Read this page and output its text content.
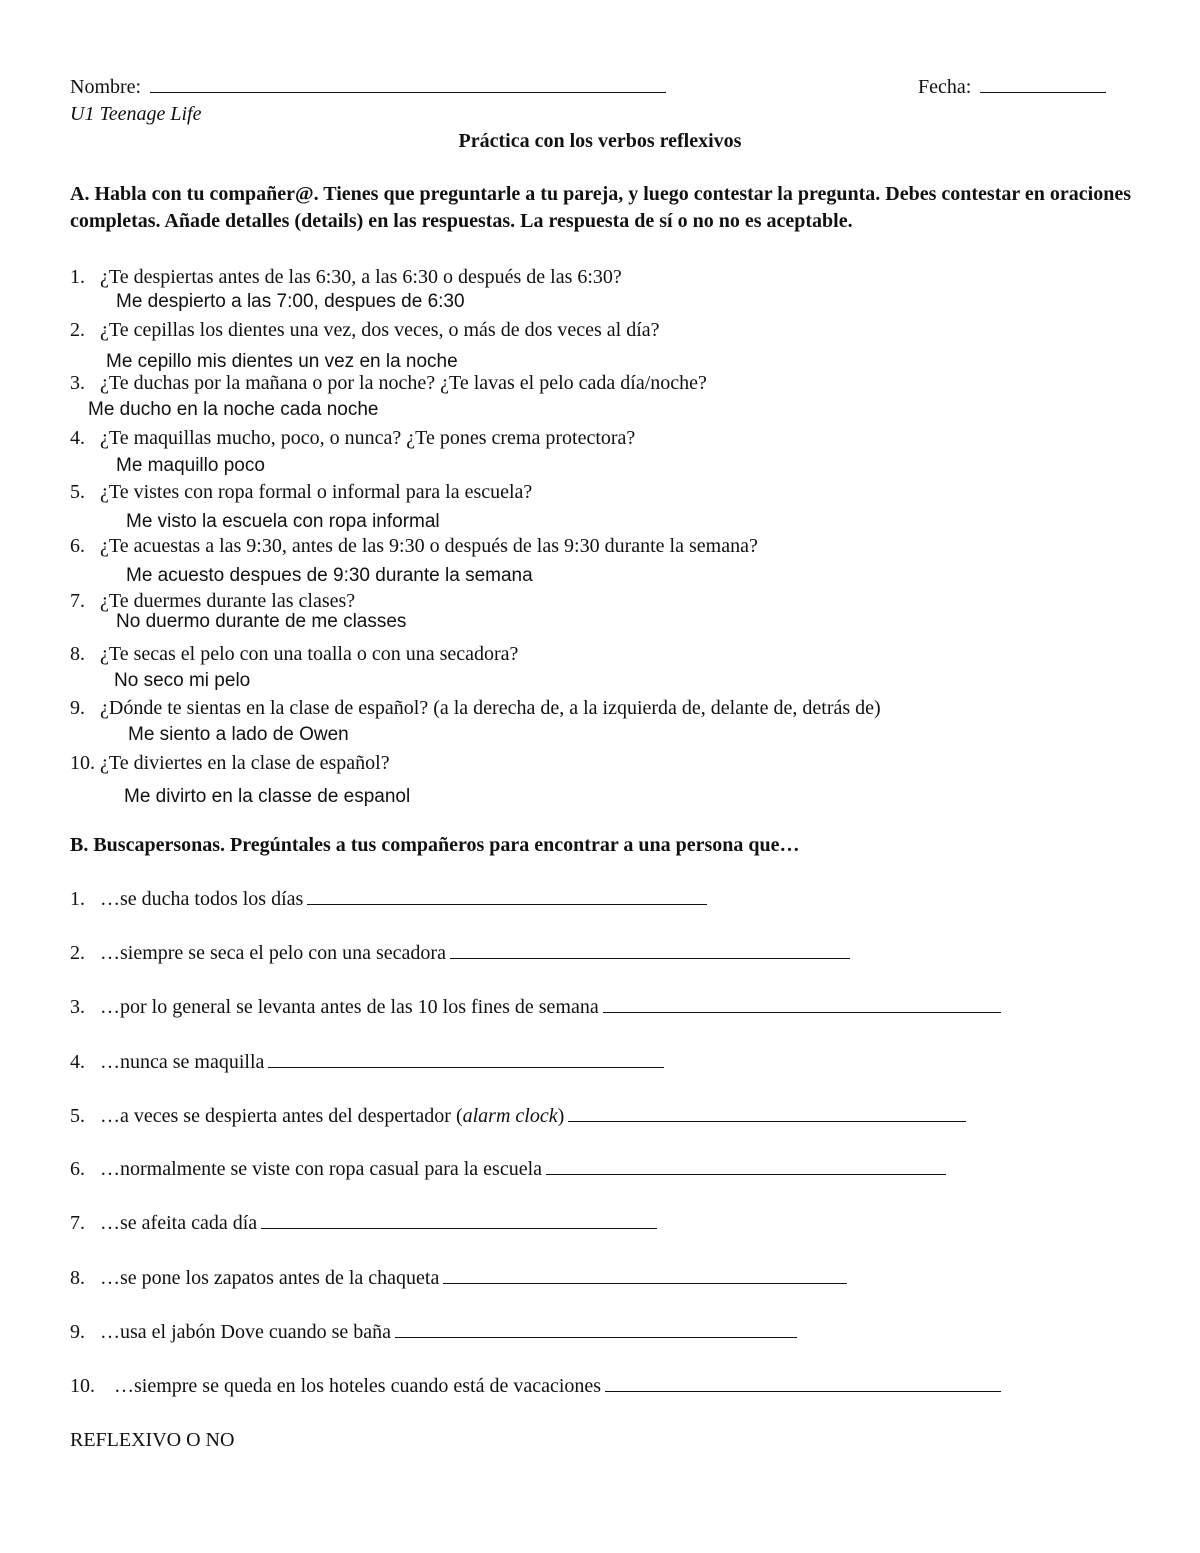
Nombre:	Fecha:
U1 Teenage Life
Práctica con los verbos reflexivos
A. Habla con tu compañer@. Tienes que preguntarle a tu pareja, y luego contestar la pregunta. Debes contestar en oraciones completas. Añade detalles (details) en las respuestas. La respuesta de sí o no no es aceptable.
1. ¿Te despiertas antes de las 6:30, a las 6:30 o después de las 6:30?
Me despierto a las 7:00, despues de 6:30
2. ¿Te cepillas los dientes una vez, dos veces, o más de dos veces al día?
Me cepillo mis dientes un vez en la noche
3. ¿Te duchas por la mañana o por la noche? ¿Te lavas el pelo cada día/noche?
Me ducho en la noche cada noche
4. ¿Te maquillas mucho, poco, o nunca? ¿Te pones crema protectora?
Me maquillo poco
5. ¿Te vistes con ropa formal o informal para la escuela?
Me visto la escuela con ropa informal
6. ¿Te acuestas a las 9:30, antes de las 9:30 o después de las 9:30 durante la semana?
Me acuesto despues de 9:30 durante la semana
7. ¿Te duermes durante las clases?
No duermo durante de me classes
8. ¿Te secas el pelo con una toalla o con una secadora?
No seco mi pelo
9. ¿Dónde te sientas en la clase de español? (a la derecha de, a la izquierda de, delante de, detrás de)
Me siento a lado de Owen
10. ¿Te diviertes en la clase de español?
Me divirto en la classe de espanol
B. Buscapersonas. Pregúntales a tus compañeros para encontrar a una persona que…
1. …se ducha todos los días
2. …siempre se seca el pelo con una secadora
3. …por lo general se levanta antes de las 10 los fines de semana
4. …nunca se maquilla
5. …a veces se despierta antes del despertador (alarm clock)
6. …normalmente se viste con ropa casual para la escuela
7. …se afeita cada día
8. …se pone los zapatos antes de la chaqueta
9. …usa el jabón Dove cuando se baña
10. …siempre se queda en los hoteles cuando está de vacaciones
REFLEXIVO O NO
